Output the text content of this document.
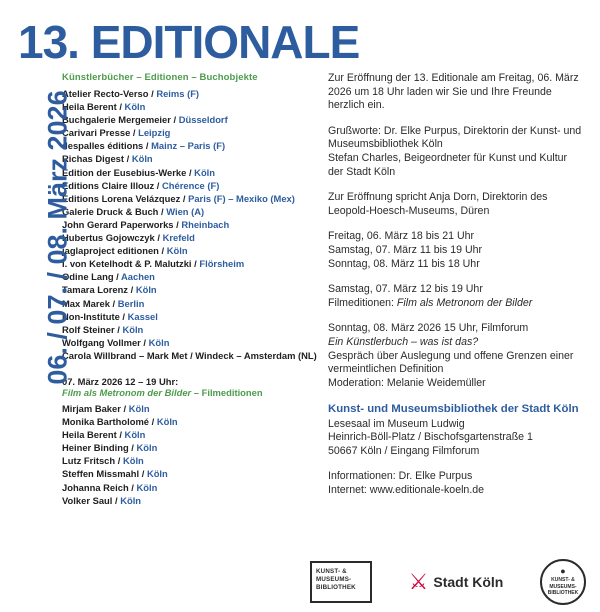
13. EDITIONALE
06. / 07. / 08. März 2026
Künstlerbücher – Editionen – Buchobjekte
Atelier Recto-Verso / Reims (F)
Heila Berent / Köln
Buchgalerie Mergemeier / Düsseldorf
Carivari Presse / Leipzig
despalles éditions / Mainz – Paris (F)
Richas Digest / Köln
Edition der Eusebius-Werke / Köln
Editions Claire Illouz / Chérence (F)
Editions Lorena Velázquez / Paris (F) – Mexiko (Mex)
Galerie Druck & Buch / Wien (A)
John Gerard Paperworks / Rheinbach
Hubertus Gojowczyk / Krefeld
jaglaproject editionen / Köln
I. von Ketelhodt & P. Malutzki / Flörsheim
Odine Lang / Aachen
Tamara Lorenz / Köln
Max Marek / Berlin
Non-Institute / Kassel
Rolf Steiner / Köln
Wolfgang Vollmer / Köln
Carola Willbrand – Mark Met / Windeck – Amsterdam (NL)
07. März 2026 12 – 19 Uhr:
Film als Metronom der Bilder – Filmeditionen
Mirjam Baker / Köln
Monika Bartholomé / Köln
Heila Berent / Köln
Heiner Binding / Köln
Lutz Fritsch / Köln
Steffen Missmahl / Köln
Johanna Reich / Köln
Volker Saul / Köln
Zur Eröffnung der 13. Editionale am Freitag, 06. März 2026 um 18 Uhr laden wir Sie und Ihre Freunde herzlich ein.
Grußworte: Dr. Elke Purpus, Direktorin der Kunst- und Museumsbibliothek Köln
Stefan Charles, Beigeordneter für Kunst und Kultur der Stadt Köln
Zur Eröffnung spricht Anja Dorn, Direktorin des Leopold-Hoesch-Museums, Düren
Freitag, 06. März 18 bis 21 Uhr
Samstag, 07. März 11 bis 19 Uhr
Sonntag, 08. März 11 bis 18 Uhr
Samstag, 07. März 12 bis 19 Uhr
Filmeditionen: Film als Metronom der Bilder
Sonntag, 08. März 2026 15 Uhr, Filmforum
Ein Künstlerbuch – was ist das?
Gespräch über Auslegung und offene Grenzen einer vermeintlichen Definition
Moderation: Melanie Weidemüller
Kunst- und Museumsbibliothek der Stadt Köln
Lesesaal im Museum Ludwig
Heinrich-Böll-Platz / Bischofsgartenstraße 1
50667 Köln / Eingang Filmforum
Informationen: Dr. Elke Purpus
Internet: www.editionale-koeln.de
KUNST- &
MUSEUMS-
BIBLIOTHEK	⚔ Stadt Köln
●
KUNST- &
MUSEUMS-
BIBLIOTHEK
